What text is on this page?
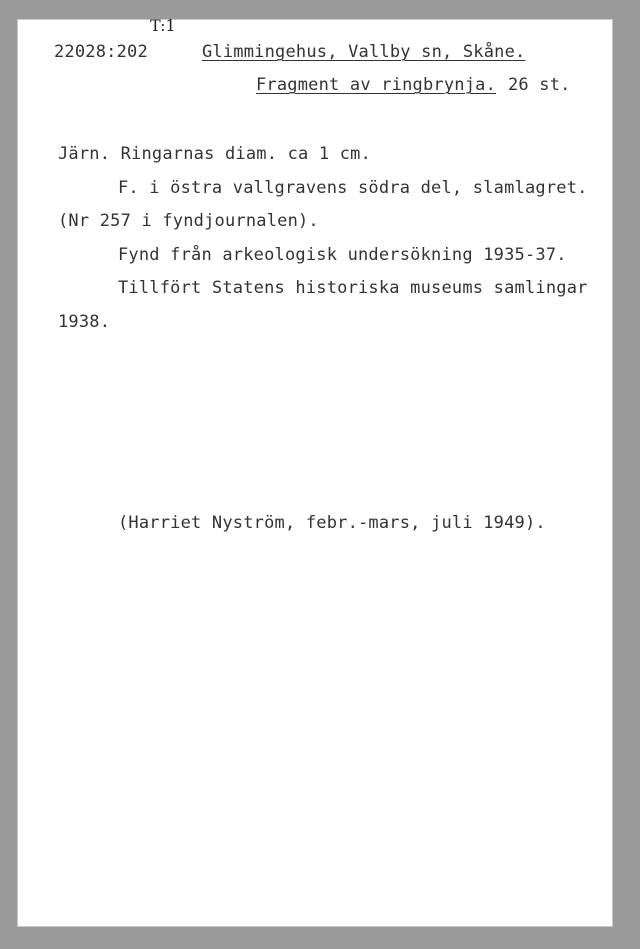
T:1
22028:202	Glimmingehus, Vallby sn, Skåne.
Fragment av ringbrynja. 26 st.
Järn. Ringarnas diam. ca 1 cm.
F. i östra vallgravens södra del, slamlagret.
(Nr 257 i fyndjournalen).
Fynd från arkeologisk undersökning 1935-37.
Tillfört Statens historiska museums samlingar
1938.
(Harriet Nyström, febr.-mars, juli 1949).
